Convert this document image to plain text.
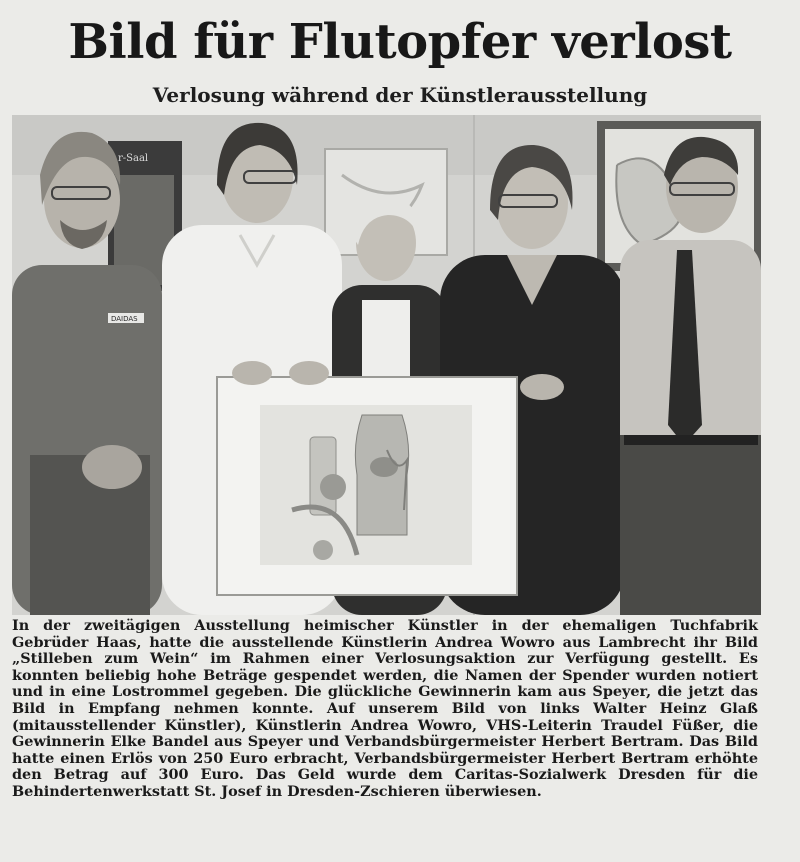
Bild für Flutopfer verlost
Verlosung während der Künstlerausstellung
r-Saal
DAIDAS

In der zweitägigen Ausstellung heimischer Künstler in der ehemaligen Tuchfabrik Gebrüder Haas, hatte die ausstellende Künstlerin Andrea Wowro aus Lambrecht ihr Bild „Stilleben zum Wein“ im Rahmen einer Verlosungsaktion zur Verfügung gestellt. Es konnten beliebig hohe Beträge gespendet werden, die Namen der Spender wurden notiert und in eine Lostrommel gegeben. Die glückliche Gewinnerin kam aus Speyer, die jetzt das Bild in Empfang nehmen konnte. Auf unserem Bild von links Walter Heinz Glaß (mitausstellender Künstler), Künstlerin Andrea Wowro, VHS-Leiterin Traudel Füßer, die Gewinnerin Elke Bandel aus Speyer und Verbandsbürgermeister Herbert Bertram. Das Bild hatte einen Erlös von 250 Euro erbracht, Verbandsbürgermeister Herbert Bertram erhöhte den Betrag auf 300 Euro. Das Geld wurde dem Caritas-Sozialwerk Dresden für die Behindertenwerkstatt St. Josef in Dresden-Zschieren überwiesen.
